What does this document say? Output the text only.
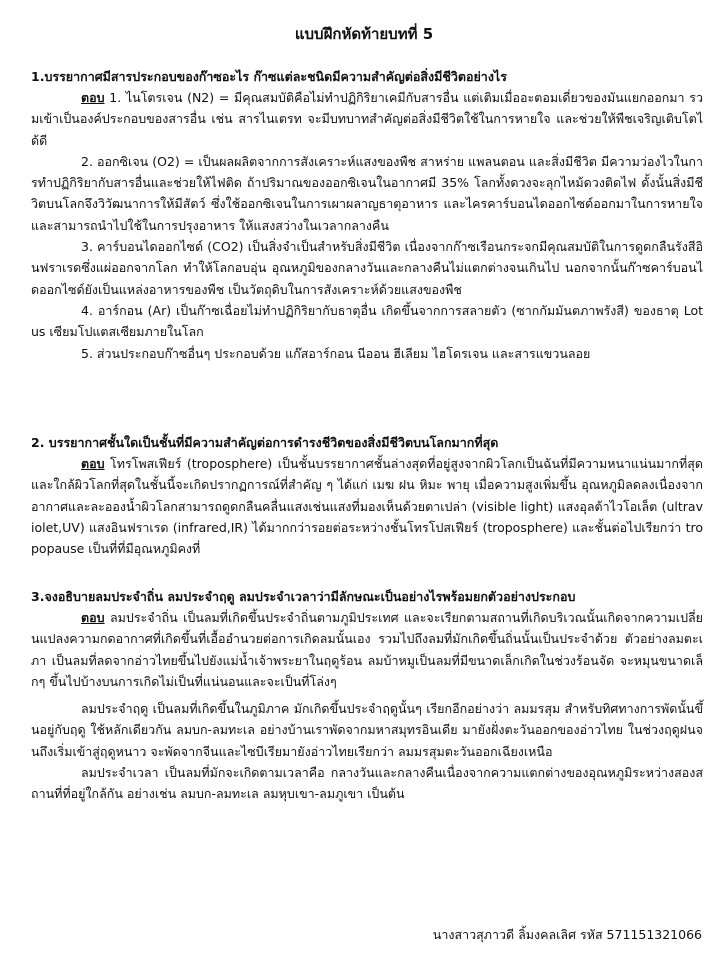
แบบฝึกหัดท้ายบทที่ 5
1.บรรยากาศมีสารประกอบของก๊าซอะไร ก๊าซแต่ละชนิดมีความสำคัญต่อสิ่งมีชีวิตอย่างไร
ตอบ 1. ไนโตรเจน (N2) = มีคุณสมบัติคือไม่ทำปฏิกิริยาเคมีกับสารอื่น แต่เติมเมื่ออะตอมเดี่ยวของมันแยกออกมา รวมเข้าเป็นองค์ประกอบของสารอื่น เช่น สารไนเตรท จะมีบทบาทสำคัญต่อสิ่งมีชีวิตใช้ในการหายใจ และช่วยให้พืชเจริญเติบโตได้ดี
2. ออกซิเจน (O2) = เป็นผลผลิตจากการสังเคราะห์แสงของพืช สาหร่าย แพลนตอน และสิ่งมีชีวิต มีความว่องไวในการทำปฏิกิริยากับสารอื่นและช่วยให้ไฟติด ถ้าปริมาณของออกซิเจนในอากาศมี 35% โลกทั้งดวงจะลุกไหม้ดวงติดไฟ ดั้งนั้นสิ่งมีชีวิตบนโลกจึงวิวัฒนาการให้มีสัตว์ ซึ่งใช้ออกซิเจนในการเผาผลาญธาตุอาหาร และไครคาร์บอนไดออกไซด์ออกมาในการหายใจ และสามารถนำไปใช้ในการปรุงอาหาร ให้แสงสว่างในเวลากลางคืน
3. คาร์บอนไดออกไซด์ (CO2) เป็นสิ่งจำเป็นสำหรับสิ่งมีชีวิต เนื่องจากก๊าซเรือนกระจกมีคุณสมบัติในการดูดกลืนรังสีอินฟราเรดซึ่งแผ่ออกจากโลก ทำให้โลกอบอุ่น อุณหภูมิของกลางวันและกลางคืนไม่แตกต่างจนเกินไป นอกจากนั้นก๊าซคาร์บอนไดออกไซด์ยังเป็นแหล่งอาหารของพืช เป็นวัตถุดิบในการสังเคราะห์ด้วยแสงของพืช
4. อาร์กอน (Ar) เป็นก๊าซเฉื่อยไม่ทำปฏิกิริยากับธาตุอื่น เกิดขึ้นจากการสลายตัว (ซากกัมมันตภาพรังสี) ของธาตุ Lotus เซียมโปแตสเซียมภายในโลก
5. ส่วนประกอบก๊าซอื่นๆ ประกอบด้วย แก๊สอาร์กอน นีออน ฮีเลียม ไฮโดรเจน และสารแขวนลอย
2. บรรยากาศชั้นใดเป็นชั้นที่มีความสำคัญต่อการดำรงชีวิตของสิ่งมีชีวิตบนโลกมากที่สุด
ตอบ โทรโพสเฟียร์ (troposphere) เป็นชั้นบรรยากาศชั้นล่างสุดที่อยู่สูงจากผิวโลกเป็นฉันที่มีความหนาแน่นมากที่สุด และใกล้ผิวโลกที่สุดในชั้นนี้จะเกิดปรากฏการณ์ที่สำคัญ ๆ ได้แก่ เมฆ ฝน หิมะ พายุ เมื่อความสูงเพิ่มขึ้น อุณหภูมิลดลงเนื่องจากอากาศและละอองน้ำผิวโลกสามารถดูดกลืนคลื่นแสงเช่นแสงที่มองเห็นด้วยตาเปล่า (visible light) แสงอุลต้าไวโอเล็ต (ultraviolet,UV) แสงอินฟราเรด (infrared,IR) ได้มากกว่ารอยต่อระหว่างชั้นโทรโปสเฟียร์ (troposphere) และชั้นต่อไปเรียกว่า tropopause เป็นที่ที่มีอุณหภูมิคงที่
3.จงอธิบายลมประจำถิ่น ลมประจำฤดู ลมประจำเวลาว่ามีลักษณะเป็นอย่างไรพร้อมยกตัวอย่างประกอบ
ตอบ ลมประจำถิ่น เป็นลมที่เกิดขึ้นประจำถิ่นตามภูมิประเทศ และจะเรียกตามสถานที่เกิดบริเวณนั้นเกิดจากความเปลี่ยนแปลงความกดอากาศที่เกิดขึ้นที่เอื้ออำนวยต่อการเกิดลมนั้นเอง รวมไปถึงลมที่มักเกิดขึ้นถิ่นนั้นเป็นประจำด้วย ตัวอย่างลมตะเภา เป็นลมที่ลดจากอ่าวไทยขึ้นไปยังแม่น้ำเจ้าพระยาในฤดูร้อน ลมบ้าหมูเป็นลมที่มีขนาดเล็กเกิดในช่วงร้อนจัด จะหมุนขนาดเล็กๆ ขึ้นไปบ้างบนการเกิดไม่เป็นที่แน่นอนและจะเป็นที่โล่งๆ
ลมประจำฤดู เป็นลมที่เกิดขึ้นในภูมิภาค มักเกิดขึ้นประจำฤดูนั้นๆ เรียกอีกอย่างว่า ลมมรสุม สำหรับทิศทางการพัดนั้นขึ้นอยู่กับฤดู ใช้หลักเดียวกัน ลมบก-ลมทะเล อย่างบ้านเราพัดจากมหาสมุทรอินเดีย มายังฝั่งตะวันออกของอ่าวไทย ในช่วงฤดูฝนจนถึงเริ่มเข้าสู่ฤดูหนาว จะพัดจากจีนและไซบีเรียมายังอ่าวไทยเรียกว่า ลมมรสุมตะวันออกเฉียงเหนือ
ลมประจำเวลา เป็นลมที่มักจะเกิดตามเวลาคือ กลางวันและกลางคืนเนื่องจากความแตกต่างของอุณหภูมิระหว่างสองสถานที่ที่อยู่ใกล้กัน อย่างเช่น ลมบก-ลมทะเล ลมหุบเขา-ลมภูเขา เป็นต้น
นางสาวสุภาวดี ลิ้มงคลเลิศ รหัส 571151321066
